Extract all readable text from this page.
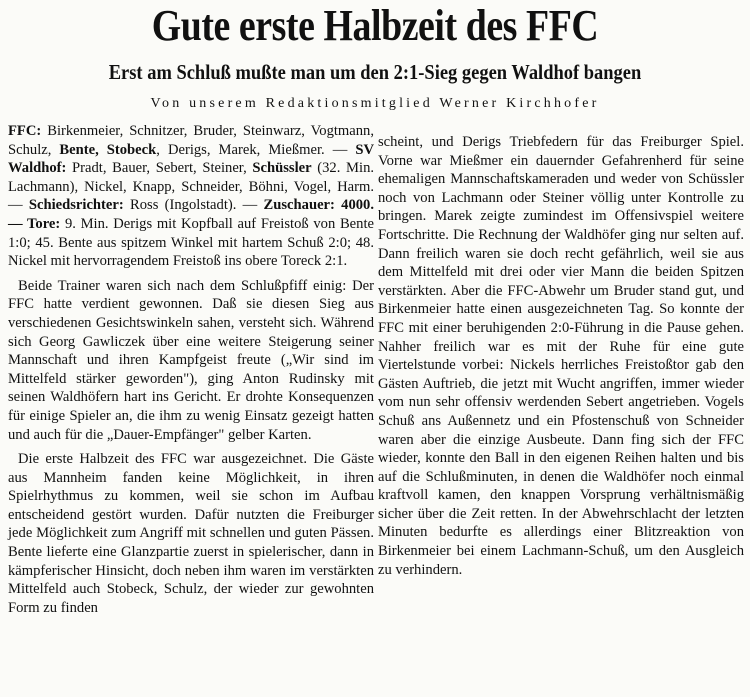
Gute erste Halbzeit des FFC
Erst am Schluß mußte man um den 2:1-Sieg gegen Waldhof bangen
Von unserem Redaktionsmitglied Werner Kirchhofer

FFC: Birkenmeier, Schnitzer, Bruder, Steinwarz, Vogtmann, Schulz, Bente, Stobeck, Derigs, Marek, Mießmer. — SV Waldhof: Pradt, Bauer, Sebert, Steiner, Schüssler (32. Min. Lachmann), Nickel, Knapp, Schneider, Böhni, Vogel, Harm. — Schiedsrichter: Ross (Ingolstadt). — Zuschauer: 4000. — Tore: 9. Min. Derigs mit Kopfball auf Freistoß von Bente 1:0; 45. Bente aus spitzem Winkel mit hartem Schuß 2:0; 48. Nickel mit hervorragendem Freistoß ins obere Toreck 2:1.

Beide Trainer waren sich nach dem Schlußpfiff einig: Der FFC hatte verdient gewonnen. Daß sie diesen Sieg aus verschiedenen Gesichtswinkeln sahen, versteht sich. Während sich Georg Gawliczek über eine weitere Steigerung seiner Mannschaft und ihren Kampfgeist freute („Wir sind im Mittelfeld stärker geworden"), ging Anton Rudinsky mit seinen Waldhöfern hart ins Gericht. Er drohte Konsequenzen für einige Spieler an, die ihm zu wenig Einsatz gezeigt hatten und auch für die „Dauer-Empfänger" gelber Karten.

Die erste Halbzeit des FFC war ausgezeichnet. Die Gäste aus Mannheim fanden keine Möglichkeit, in ihren Spielrhythmus zu kommen, weil sie schon im Aufbau entscheidend gestört wurden. Dafür nutzten die Freiburger jede Möglichkeit zum Angriff mit schnellen und guten Pässen. Bente lieferte eine Glanzpartie zuerst in spielerischer, dann in kämpferischer Hinsicht, doch neben ihm waren im verstärkten Mittelfeld auch Stobeck, Schulz, der wieder zur gewohnten Form zu finden

scheint, und Derigs Triebfedern für das Freiburger Spiel. Vorne war Mießmer ein dauernder Gefahrenherd für seine ehemaligen Mannschaftskameraden und weder von Schüssler noch von Lachmann oder Steiner völlig unter Kontrolle zu bringen. Marek zeigte zumindest im Offensivspiel weitere Fortschritte. Die Rechnung der Waldhöfer ging nur selten auf. Dann freilich waren sie doch recht gefährlich, weil sie aus dem Mittelfeld mit drei oder vier Mann die beiden Spitzen verstärkten. Aber die FFC-Abwehr um Bruder stand gut, und Birkenmeier hatte einen ausgezeichneten Tag. So konnte der FFC mit einer beruhigenden 2:0-Führung in die Pause gehen. Nahher freilich war es mit der Ruhe für eine gute Viertelstunde vorbei: Nickels herrliches Freistoßtor gab den Gästen Auftrieb, die jetzt mit Wucht angriffen, immer wieder vom nun sehr offensiv werdenden Sebert angetrieben. Vogels Schuß ans Außennetz und ein Pfostenschuß von Schneider waren aber die einzige Ausbeute. Dann fing sich der FFC wieder, konnte den Ball in den eigenen Reihen halten und bis auf die Schlußminuten, in denen die Waldhöfer noch einmal kraftvoll kamen, den knappen Vorsprung verhältnismäßig sicher über die Zeit retten. In der Abwehrschlacht der letzten Minuten bedurfte es allerdings einer Blitzreaktion von Birkenmeier bei einem Lachmann-Schuß, um den Ausgleich zu verhindern.
